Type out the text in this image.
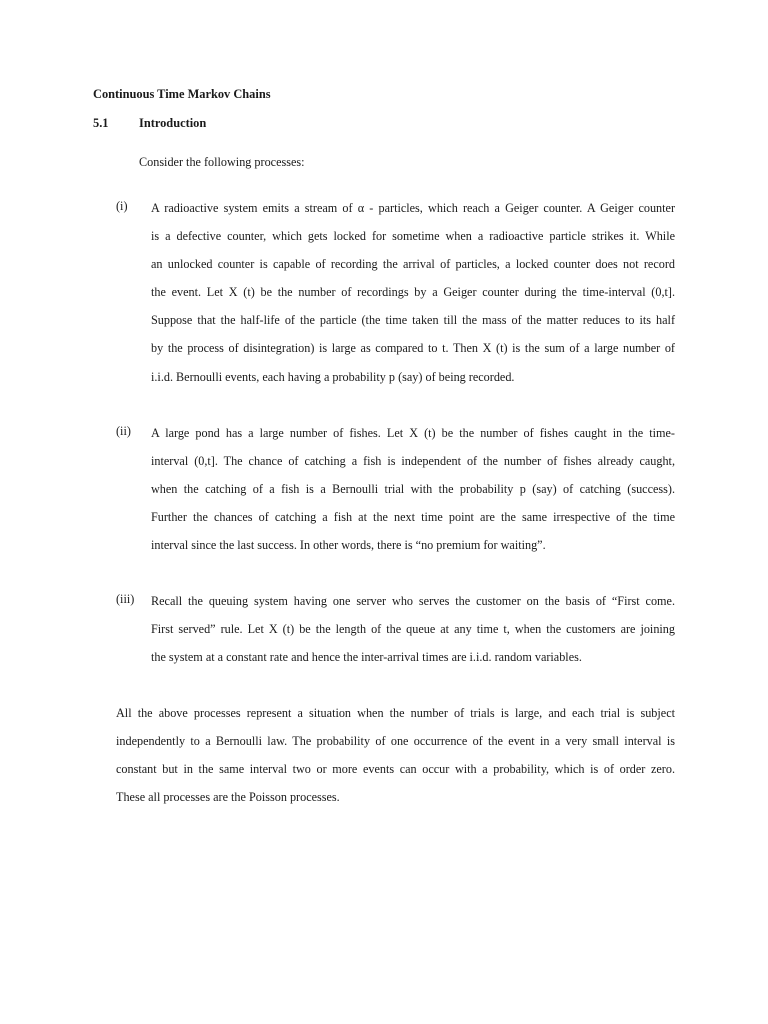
Continuous Time Markov Chains
5.1 Introduction
Consider the following processes:
(i) A radioactive system emits a stream of α - particles, which reach a Geiger counter. A Geiger counter
is a defective counter, which gets locked for sometime when a radioactive particle strikes it. While
an unlocked counter is capable of recording the arrival of particles, a locked counter does not record
the event. Let X (t) be the number of recordings by a Geiger counter during the time-interval (0,t].
Suppose that the half-life of the particle (the time taken till the mass of the matter reduces to its half
by the process of disintegration) is large as compared to t. Then X (t) is the sum of a large number of
i.i.d. Bernoulli events, each having a probability p (say) of being recorded.
(ii) A large pond has a large number of fishes. Let X (t) be the number of fishes caught in the time-
interval (0,t]. The chance of catching a fish is independent of the number of fishes already caught,
when the catching of a fish is a Bernoulli trial with the probability p (say) of catching (success).
Further the chances of catching a fish at the next time point are the same irrespective of the time
interval since the last success. In other words, there is “no premium for waiting”.
(iii) Recall the queuing system having one server who serves the customer on the basis of “First come.
First served” rule. Let X (t) be the length of the queue at any time t, when the customers are joining
the system at a constant rate and hence the inter-arrival times are i.i.d. random variables.
All the above processes represent a situation when the number of trials is large, and each trial is subject
independently to a Bernoulli law. The probability of one occurrence of the event in a very small interval is
constant but in the same interval two or more events can occur with a probability, which is of order zero.
These all processes are the Poisson processes.
